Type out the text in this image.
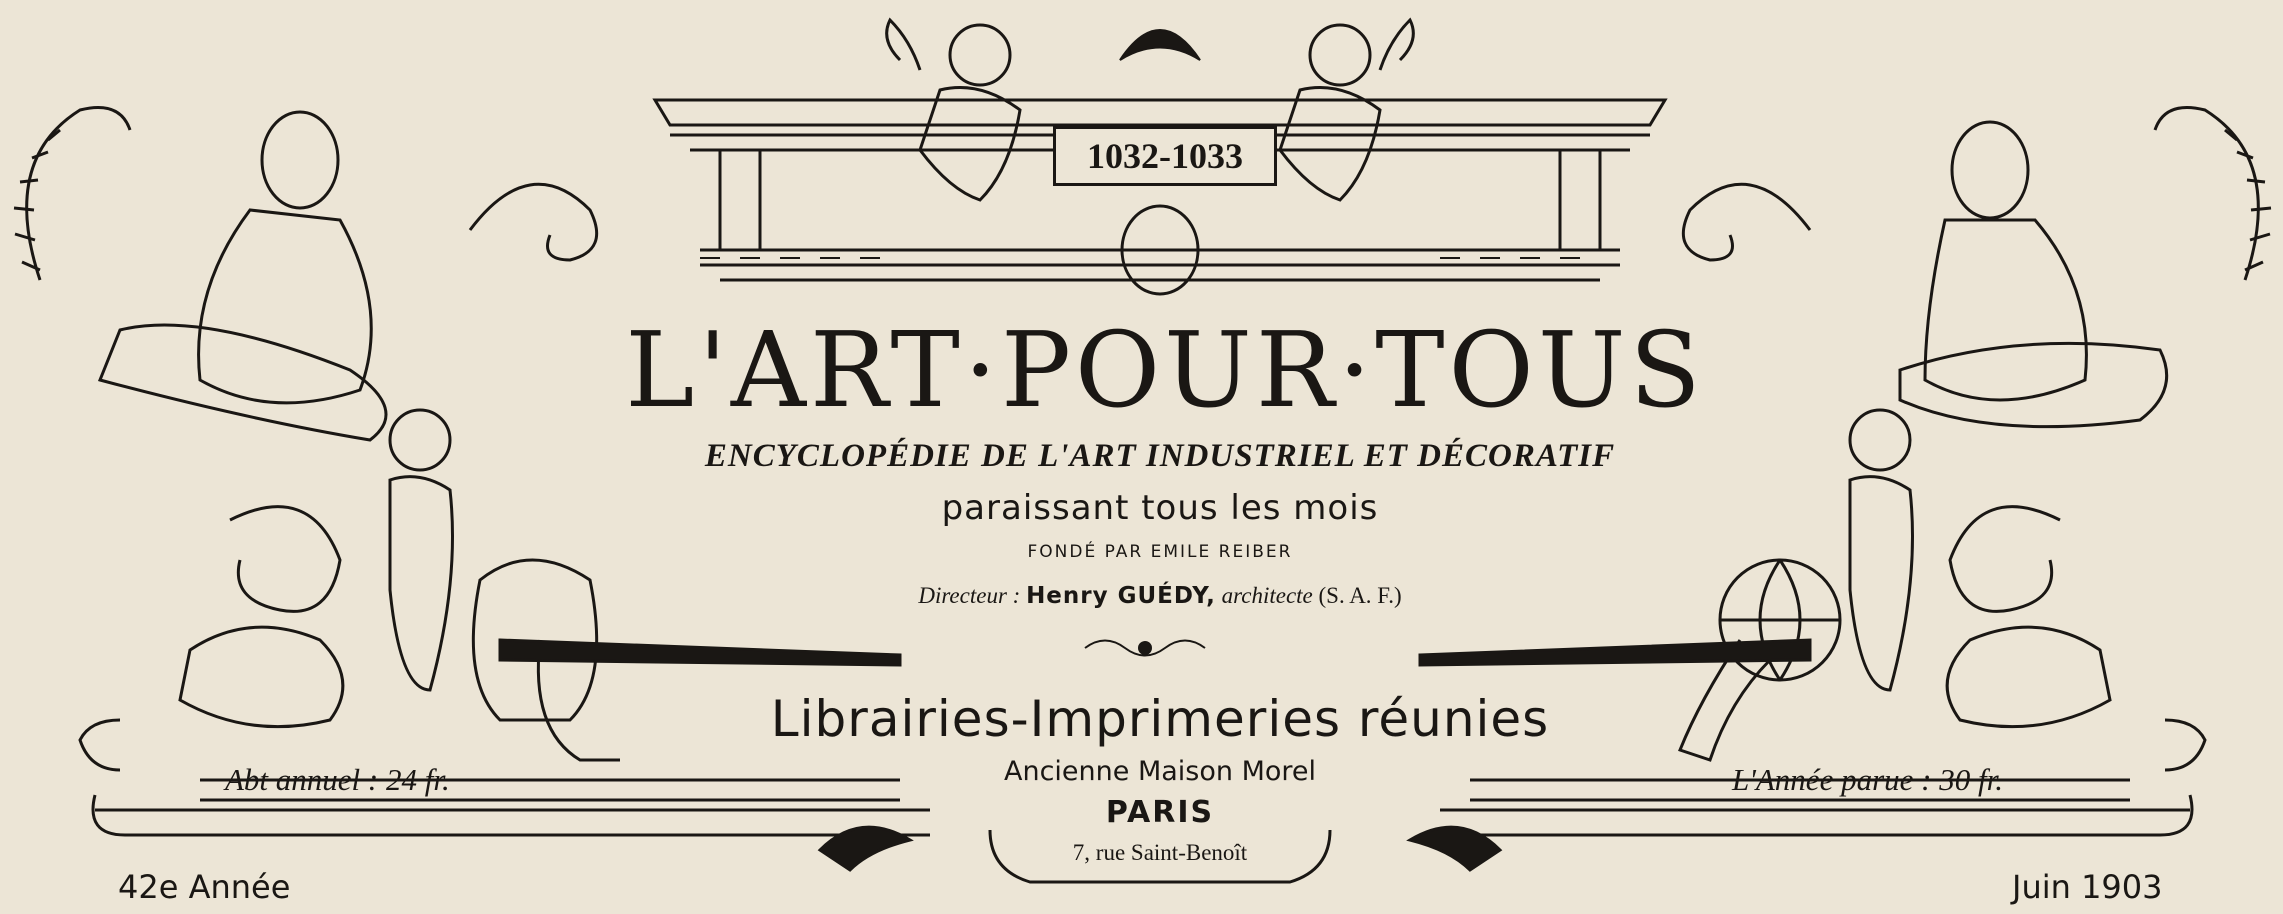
1032-1033
L'ART·POUR·TOUS
ENCYCLOPÉDIE DE L'ART INDUSTRIEL ET DÉCORATIF
paraissant tous les mois
FONDÉ PAR EMILE REIBER
Directeur : Henry GUÉDY, architecte (S. A. F.)
Librairies-Imprimeries réunies
Ancienne Maison Morel
PARIS
7, rue Saint-Benoît
Abt annuel : 24 fr.	L'Année parue : 30 fr.
42e Année	Juin 1903
